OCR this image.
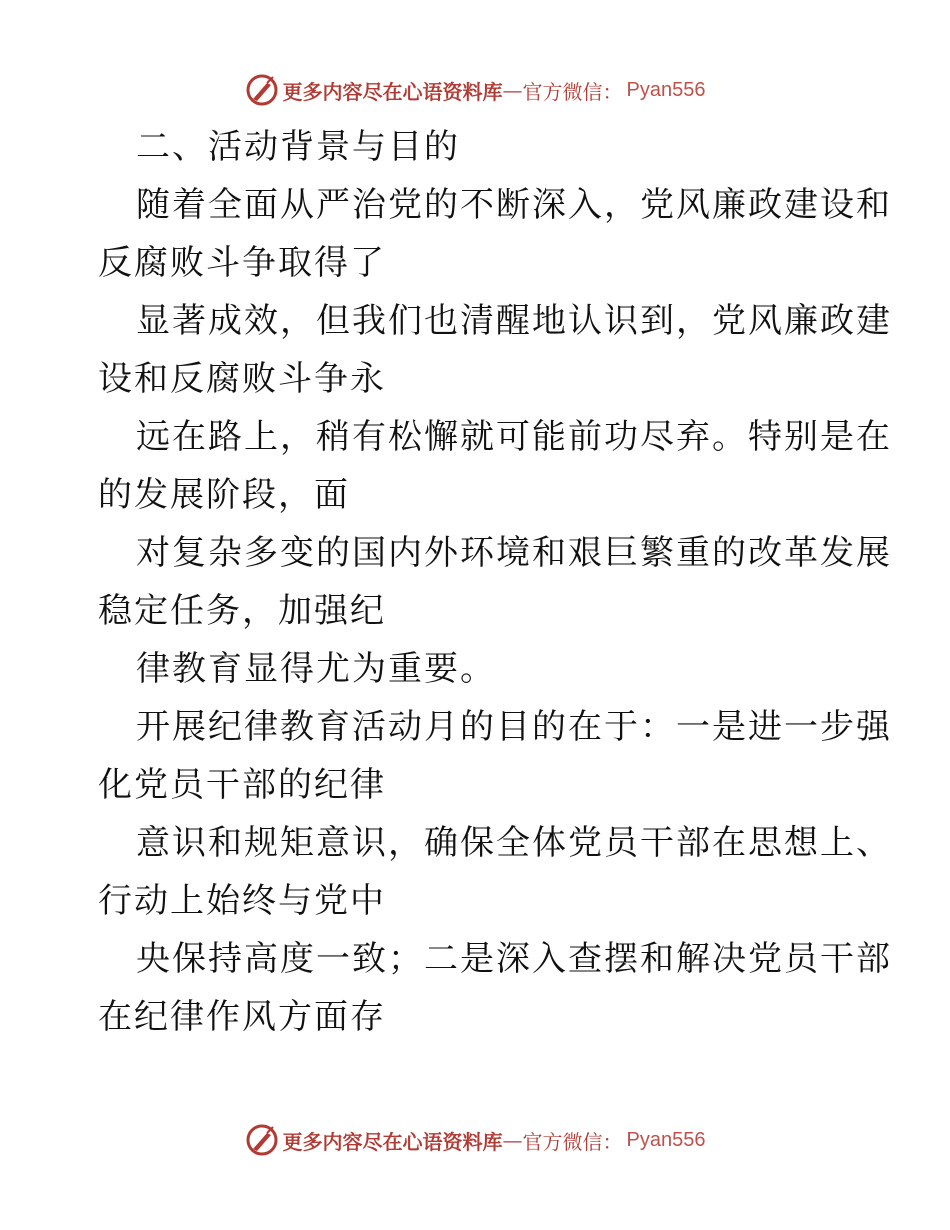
更多内容尽在心语资料库 — 官方微信： Pyan556
二、活动背景与目的
随着全面从严治党的不断深入，党风廉政建设和
反腐败斗争取得了
显著成效，但我们也清醒地认识到，党风廉政建
设和反腐败斗争永
远在路上，稍有松懈就可能前功尽弃。特别是在
的发展阶段，面
对复杂多变的国内外环境和艰巨繁重的改革发展
稳定任务，加强纪
律教育显得尤为重要。
开展纪律教育活动月的目的在于：一是进一步强
化党员干部的纪律
意识和规矩意识，确保全体党员干部在思想上、
行动上始终与党中
央保持高度一致；二是深入查摆和解决党员干部
在纪律作风方面存
更多内容尽在心语资料库 — 官方微信： Pyan556
